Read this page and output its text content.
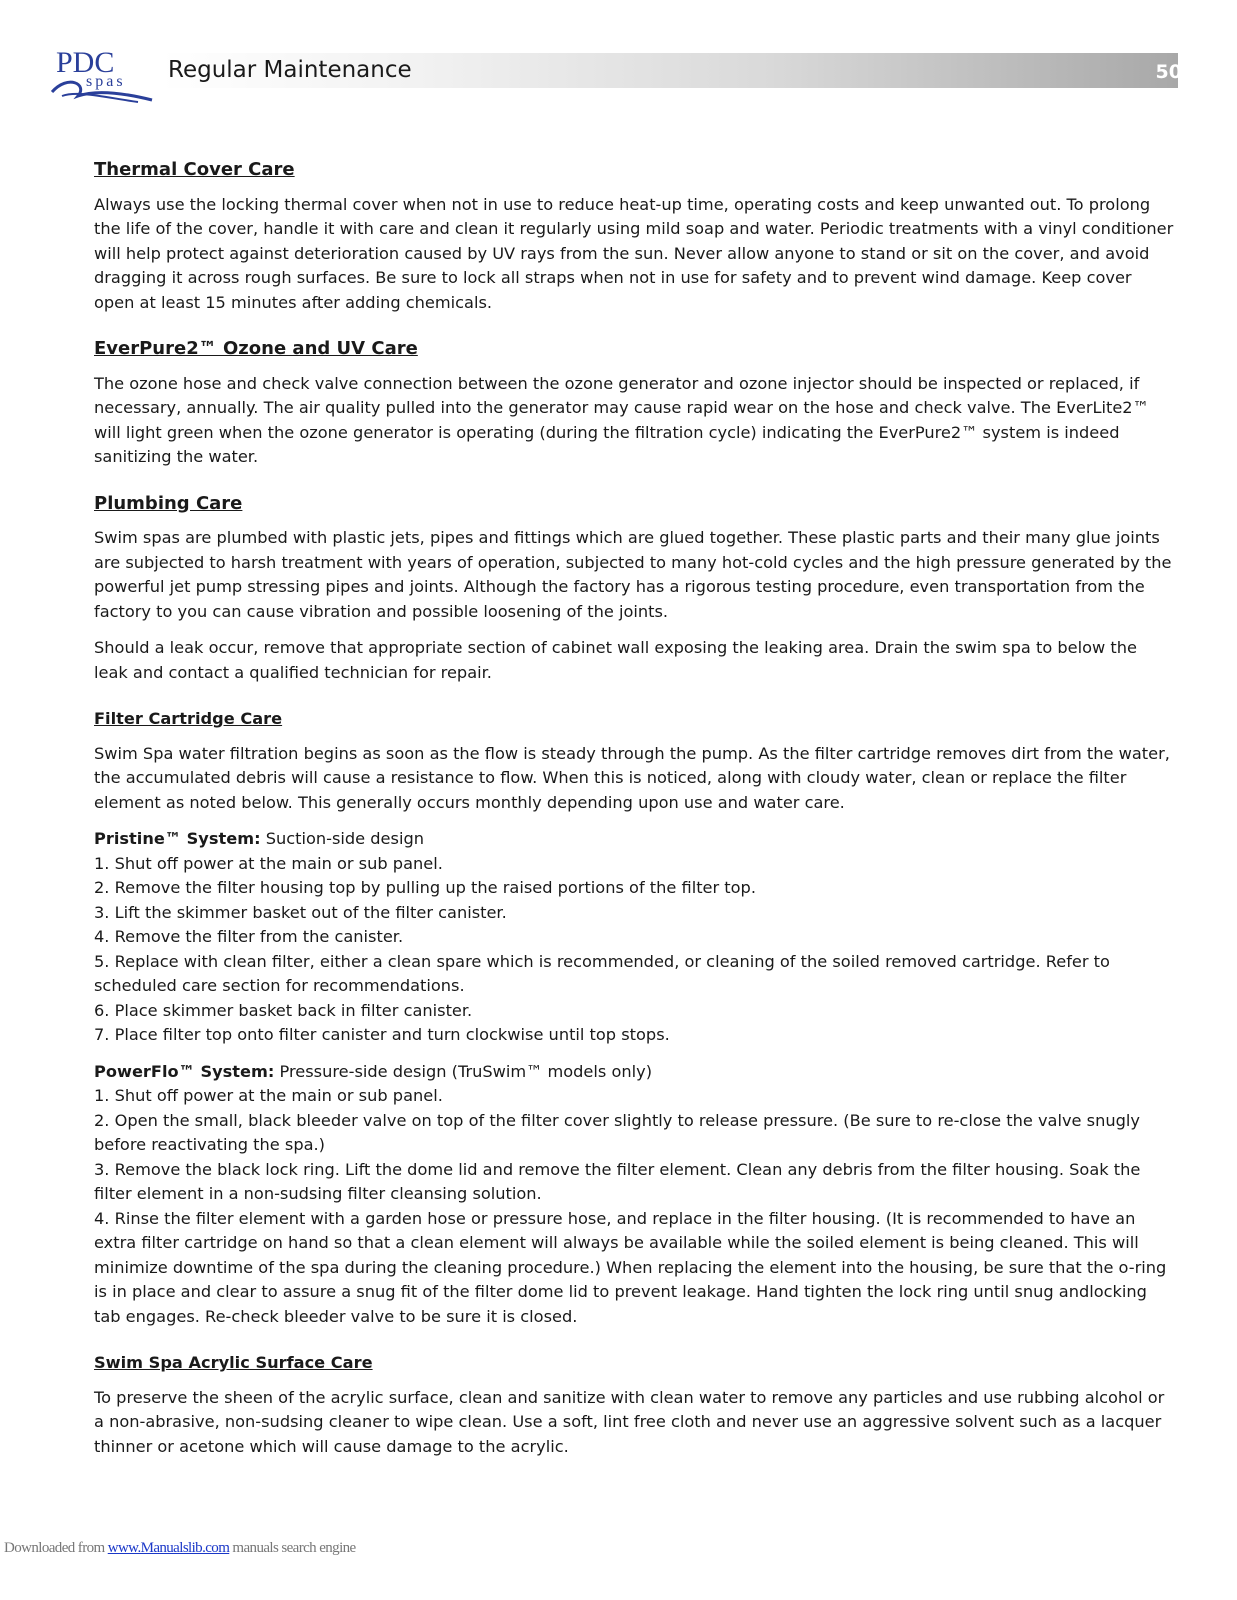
PDC
spas Regular Maintenance	50
Thermal Cover Care
Always use the locking thermal cover when not in use to reduce heat-up time, operating costs and keep unwanted out. To prolong the life of the cover, handle it with care and clean it regularly using mild soap and water. Periodic treatments with a vinyl conditioner will help protect against deterioration caused by UV rays from the sun. Never allow anyone to stand or sit on the cover, and avoid dragging it across rough surfaces. Be sure to lock all straps when not in use for safety and to prevent wind damage. Keep cover open at least 15 minutes after adding chemicals.
EverPure2™ Ozone and UV Care
The ozone hose and check valve connection between the ozone generator and ozone injector should be inspected or replaced, if necessary, annually. The air quality pulled into the generator may cause rapid wear on the hose and check valve. The EverLite2™ will light green when the ozone generator is operating (during the filtration cycle) indicating the EverPure2™ system is indeed sanitizing the water.
Plumbing Care
Swim spas are plumbed with plastic jets, pipes and fittings which are glued together. These plastic parts and their many glue joints are subjected to harsh treatment with years of operation, subjected to many hot-cold cycles and the high pressure generated by the powerful jet pump stressing pipes and joints. Although the factory has a rigorous testing procedure, even transportation from the factory to you can cause vibration and possible loosening of the joints.
Should a leak occur, remove that appropriate section of cabinet wall exposing the leaking area. Drain the swim spa to below the leak and contact a qualified technician for repair.
Filter Cartridge Care
Swim Spa water filtration begins as soon as the flow is steady through the pump. As the filter cartridge removes dirt from the water, the accumulated debris will cause a resistance to flow. When this is noticed, along with cloudy water, clean or replace the filter element as noted below. This generally occurs monthly depending upon use and water care.
Pristine™ System: Suction-side design
1. Shut off power at the main or sub panel.
2. Remove the filter housing top by pulling up the raised portions of the filter top.
3. Lift the skimmer basket out of the filter canister.
4. Remove the filter from the canister.
5. Replace with clean filter, either a clean spare which is recommended, or cleaning of the soiled removed cartridge. Refer to scheduled care section for recommendations.
6. Place skimmer basket back in filter canister.
7. Place filter top onto filter canister and turn clockwise until top stops.
PowerFlo™ System: Pressure-side design (TruSwim™ models only)
1. Shut off power at the main or sub panel.
2. Open the small, black bleeder valve on top of the filter cover slightly to release pressure. (Be sure to re-close the valve snugly before reactivating the spa.)
3. Remove the black lock ring. Lift the dome lid and remove the filter element. Clean any debris from the filter housing. Soak the filter element in a non-sudsing filter cleansing solution.
4. Rinse the filter element with a garden hose or pressure hose, and replace in the filter housing. (It is recommended to have an extra filter cartridge on hand so that a clean element will always be available while the soiled element is being cleaned. This will minimize downtime of the spa during the cleaning procedure.) When replacing the element into the housing, be sure that the o-ring is in place and clear to assure a snug fit of the filter dome lid to prevent leakage. Hand tighten the lock ring until snug andlocking tab engages. Re-check bleeder valve to be sure it is closed.
Swim Spa Acrylic Surface Care
To preserve the sheen of the acrylic surface, clean and sanitize with clean water to remove any particles and use rubbing alcohol or a non-abrasive, non-sudsing cleaner to wipe clean. Use a soft, lint free cloth and never use an aggressive solvent such as a lacquer thinner or acetone which will cause damage to the acrylic.
Downloaded from www.Manualslib.com manuals search engine
